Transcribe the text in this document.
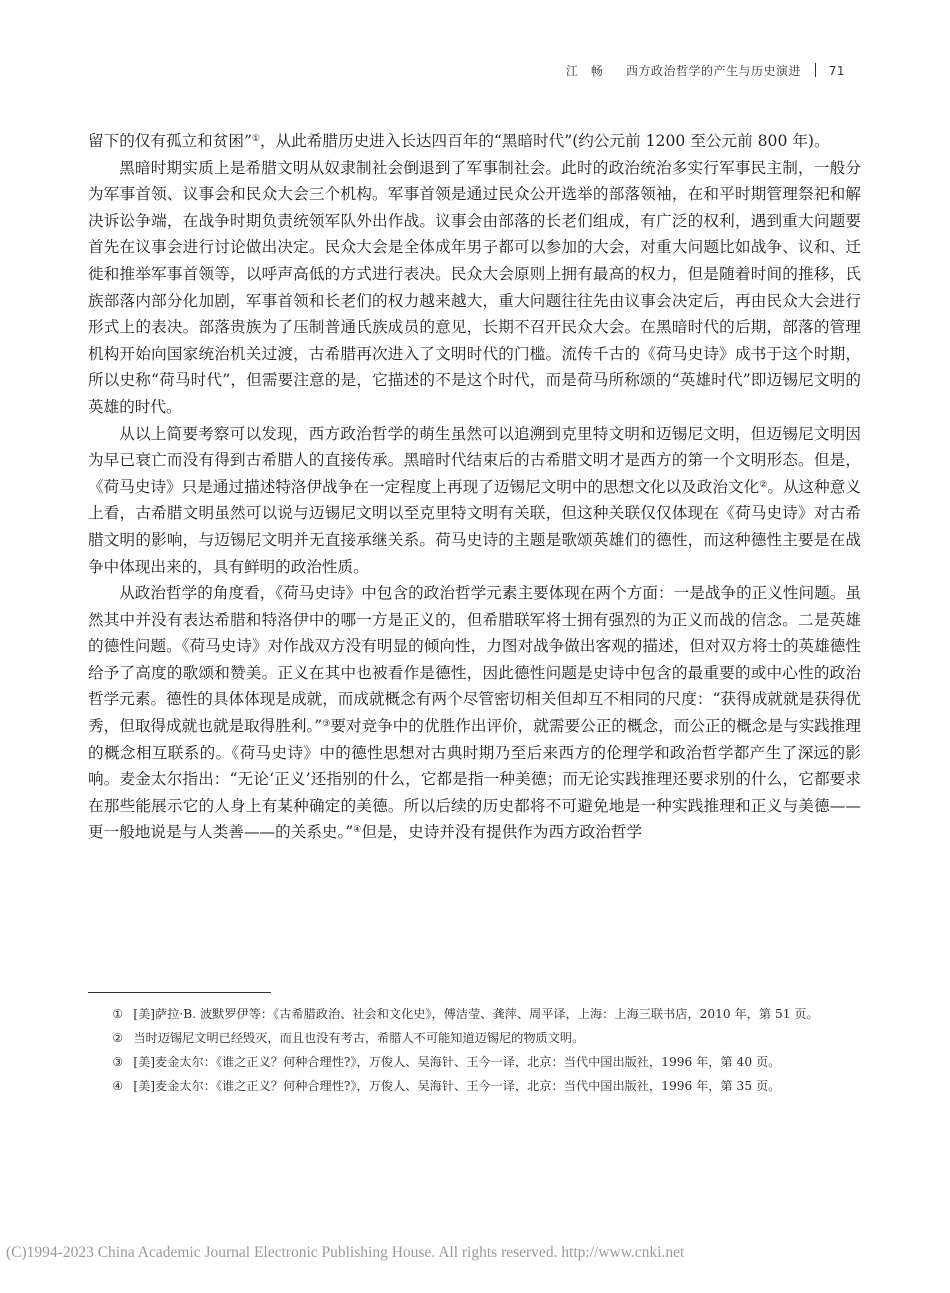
江　畅 西方政治哲学的产生与历史演进 71

留下的仅有孤立和贫困”①，从此希腊历史进入长达四百年的“黑暗时代”(约公元前 1200 至公元前 800 年)。

黑暗时期实质上是希腊文明从奴隶制社会倒退到了军事制社会。此时的政治统治多实行军事民主制，一般分为军事首领、议事会和民众大会三个机构。军事首领是通过民众公开选举的部落领袖，在和平时期管理祭祀和解决诉讼争端，在战争时期负责统领军队外出作战。议事会由部落的长老们组成，有广泛的权利，遇到重大问题要首先在议事会进行讨论做出决定。民众大会是全体成年男子都可以参加的大会，对重大问题比如战争、议和、迁徙和推举军事首领等，以呼声高低的方式进行表决。民众大会原则上拥有最高的权力，但是随着时间的推移，氏族部落内部分化加剧，军事首领和长老们的权力越来越大，重大问题往往先由议事会决定后，再由民众大会进行形式上的表决。部落贵族为了压制普通氏族成员的意见，长期不召开民众大会。在黑暗时代的后期，部落的管理机构开始向国家统治机关过渡，古希腊再次进入了文明时代的门槛。流传千古的《荷马史诗》成书于这个时期，所以史称“荷马时代”，但需要注意的是，它描述的不是这个时代，而是荷马所称颂的“英雄时代”即迈锡尼文明的英雄的时代。

从以上简要考察可以发现，西方政治哲学的萌生虽然可以追溯到克里特文明和迈锡尼文明，但迈锡尼文明因为早已衰亡而没有得到古希腊人的直接传承。黑暗时代结束后的古希腊文明才是西方的第一个文明形态。但是，《荷马史诗》只是通过描述特洛伊战争在一定程度上再现了迈锡尼文明中的思想文化以及政治文化②。从这种意义上看，古希腊文明虽然可以说与迈锡尼文明以至克里特文明有关联，但这种关联仅仅体现在《荷马史诗》对古希腊文明的影响，与迈锡尼文明并无直接承继关系。荷马史诗的主题是歌颂英雄们的德性，而这种德性主要是在战争中体现出来的，具有鲜明的政治性质。

从政治哲学的角度看，《荷马史诗》中包含的政治哲学元素主要体现在两个方面：一是战争的正义性问题。虽然其中并没有表达希腊和特洛伊中的哪一方是正义的，但希腊联军将士拥有强烈的为正义而战的信念。二是英雄的德性问题。《荷马史诗》对作战双方没有明显的倾向性，力图对战争做出客观的描述，但对双方将士的英雄德性给予了高度的歌颂和赞美。正义在其中也被看作是德性，因此德性问题是史诗中包含的最重要的或中心性的政治哲学元素。德性的具体体现是成就，而成就概念有两个尽管密切相关但却互不相同的尺度：“获得成就就是获得优秀，但取得成就也就是取得胜利。”③要对竞争中的优胜作出评价，就需要公正的概念，而公正的概念是与实践推理的概念相互联系的。《荷马史诗》中的德性思想对古典时期乃至后来西方的伦理学和政治哲学都产生了深远的影响。麦金太尔指出：“无论‘正义’还指别的什么，它都是指一种美德；而无论实践推理还要求别的什么，它都要求在那些能展示它的人身上有某种确定的美德。所以后续的历史都将不可避免地是一种实践推理和正义与美德——更一般地说是与人类善——的关系史。”④但是，史诗并没有提供作为西方政治哲学

① [美]萨拉·B. 波默罗伊等：《古希腊政治、社会和文化史》，傅洁莹、龚萍、周平译，上海：上海三联书店，2010 年，第 51 页。

② 当时迈锡尼文明已经毁灭，而且也没有考古，希腊人不可能知道迈锡尼的物质文明。

③ [美]麦金太尔：《谁之正义？何种合理性?》，万俊人、吴海针、王今一译，北京：当代中国出版社，1996 年，第 40 页。

④ [美]麦金太尔：《谁之正义？何种合理性?》，万俊人、吴海针、王今一译，北京：当代中国出版社，1996 年，第 35 页。

(C)1994-2023 China Academic Journal Electronic Publishing House. All rights reserved. http://www.cnki.net
